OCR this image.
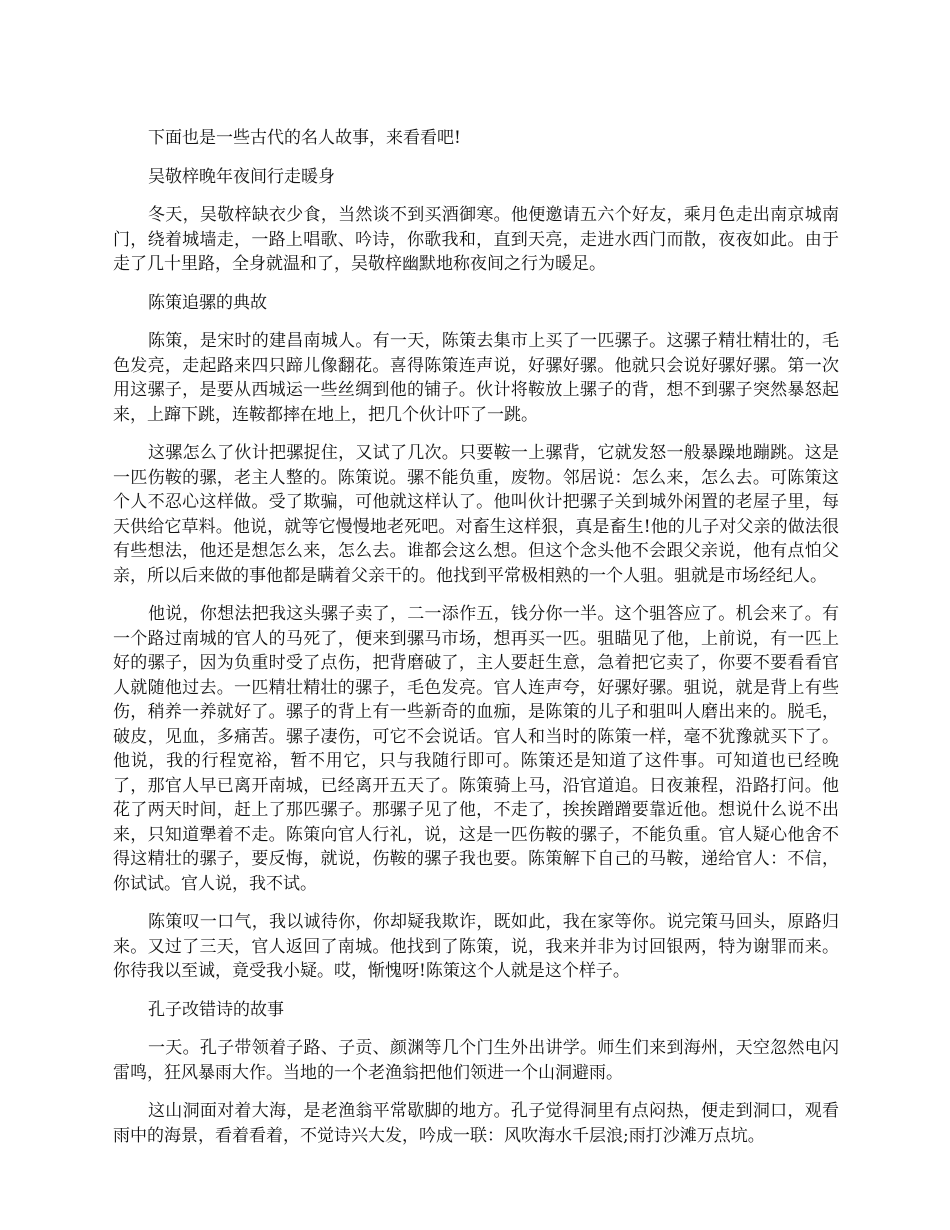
下面也是一些古代的名人故事，来看看吧!

吴敬梓晚年夜间行走暖身

冬天，吴敬梓缺衣少食，当然谈不到买酒御寒。他便邀请五六个好友，乘月色走出南京城南门，绕着城墙走，一路上唱歌、吟诗，你歌我和，直到天亮，走进水西门而散，夜夜如此。由于走了几十里路，全身就温和了，吴敬梓幽默地称夜间之行为暖足。

陈策追骡的典故

陈策，是宋时的建昌南城人。有一天，陈策去集市上买了一匹骡子。这骡子精壮精壮的，毛色发亮，走起路来四只蹄儿像翻花。喜得陈策连声说，好骡好骡。他就只会说好骡好骡。第一次用这骡子，是要从西城运一些丝绸到他的铺子。伙计将鞍放上骡子的背，想不到骡子突然暴怒起来，上蹿下跳，连鞍都摔在地上，把几个伙计吓了一跳。

这骡怎么了伙计把骡捉住，又试了几次。只要鞍一上骡背，它就发怒一般暴躁地蹦跳。这是一匹伤鞍的骡，老主人整的。陈策说。骡不能负重，废物。邻居说：怎么来，怎么去。可陈策这个人不忍心这样做。受了欺骗，可他就这样认了。他叫伙计把骡子关到城外闲置的老屋子里，每天供给它草料。他说，就等它慢慢地老死吧。对畜生这样狠，真是畜生!他的儿子对父亲的做法很有些想法，他还是想怎么来，怎么去。谁都会这么想。但这个念头他不会跟父亲说，他有点怕父亲，所以后来做的事他都是瞒着父亲干的。他找到平常极相熟的一个人驵。驵就是市场经纪人。

他说，你想法把我这头骡子卖了，二一添作五，钱分你一半。这个驵答应了。机会来了。有一个路过南城的官人的马死了，便来到骡马市场，想再买一匹。驵瞄见了他，上前说，有一匹上好的骡子，因为负重时受了点伤，把背磨破了，主人要赶生意，急着把它卖了，你要不要看看官人就随他过去。一匹精壮精壮的骡子，毛色发亮。官人连声夸，好骡好骡。驵说，就是背上有些伤，稍养一养就好了。骡子的背上有一些新奇的血痂，是陈策的儿子和驵叫人磨出来的。脱毛，破皮，见血，多痛苦。骡子凄伤，可它不会说话。官人和当时的陈策一样，毫不犹豫就买下了。他说，我的行程宽裕，暂不用它，只与我随行即可。陈策还是知道了这件事。可知道也已经晚了，那官人早已离开南城，已经离开五天了。陈策骑上马，沿官道追。日夜兼程，沿路打问。他花了两天时间，赶上了那匹骡子。那骡子见了他，不走了，挨挨蹭蹭要靠近他。想说什么说不出来，只知道犟着不走。陈策向官人行礼，说，这是一匹伤鞍的骡子，不能负重。官人疑心他舍不得这精壮的骡子，要反悔，就说，伤鞍的骡子我也要。陈策解下自己的马鞍，递给官人：不信，你试试。官人说，我不试。

陈策叹一口气，我以诚待你，你却疑我欺诈，既如此，我在家等你。说完策马回头，原路归来。又过了三天，官人返回了南城。他找到了陈策，说，我来并非为讨回银两，特为谢罪而来。你待我以至诚，竟受我小疑。哎，惭愧呀!陈策这个人就是这个样子。

孔子改错诗的故事

一天。孔子带领着子路、子贡、颜渊等几个门生外出讲学。师生们来到海州，天空忽然电闪雷鸣，狂风暴雨大作。当地的一个老渔翁把他们领进一个山洞避雨。

这山洞面对着大海，是老渔翁平常歇脚的地方。孔子觉得洞里有点闷热，便走到洞口，观看雨中的海景，看着看着，不觉诗兴大发，吟成一联：风吹海水千层浪;雨打沙滩万点坑。
